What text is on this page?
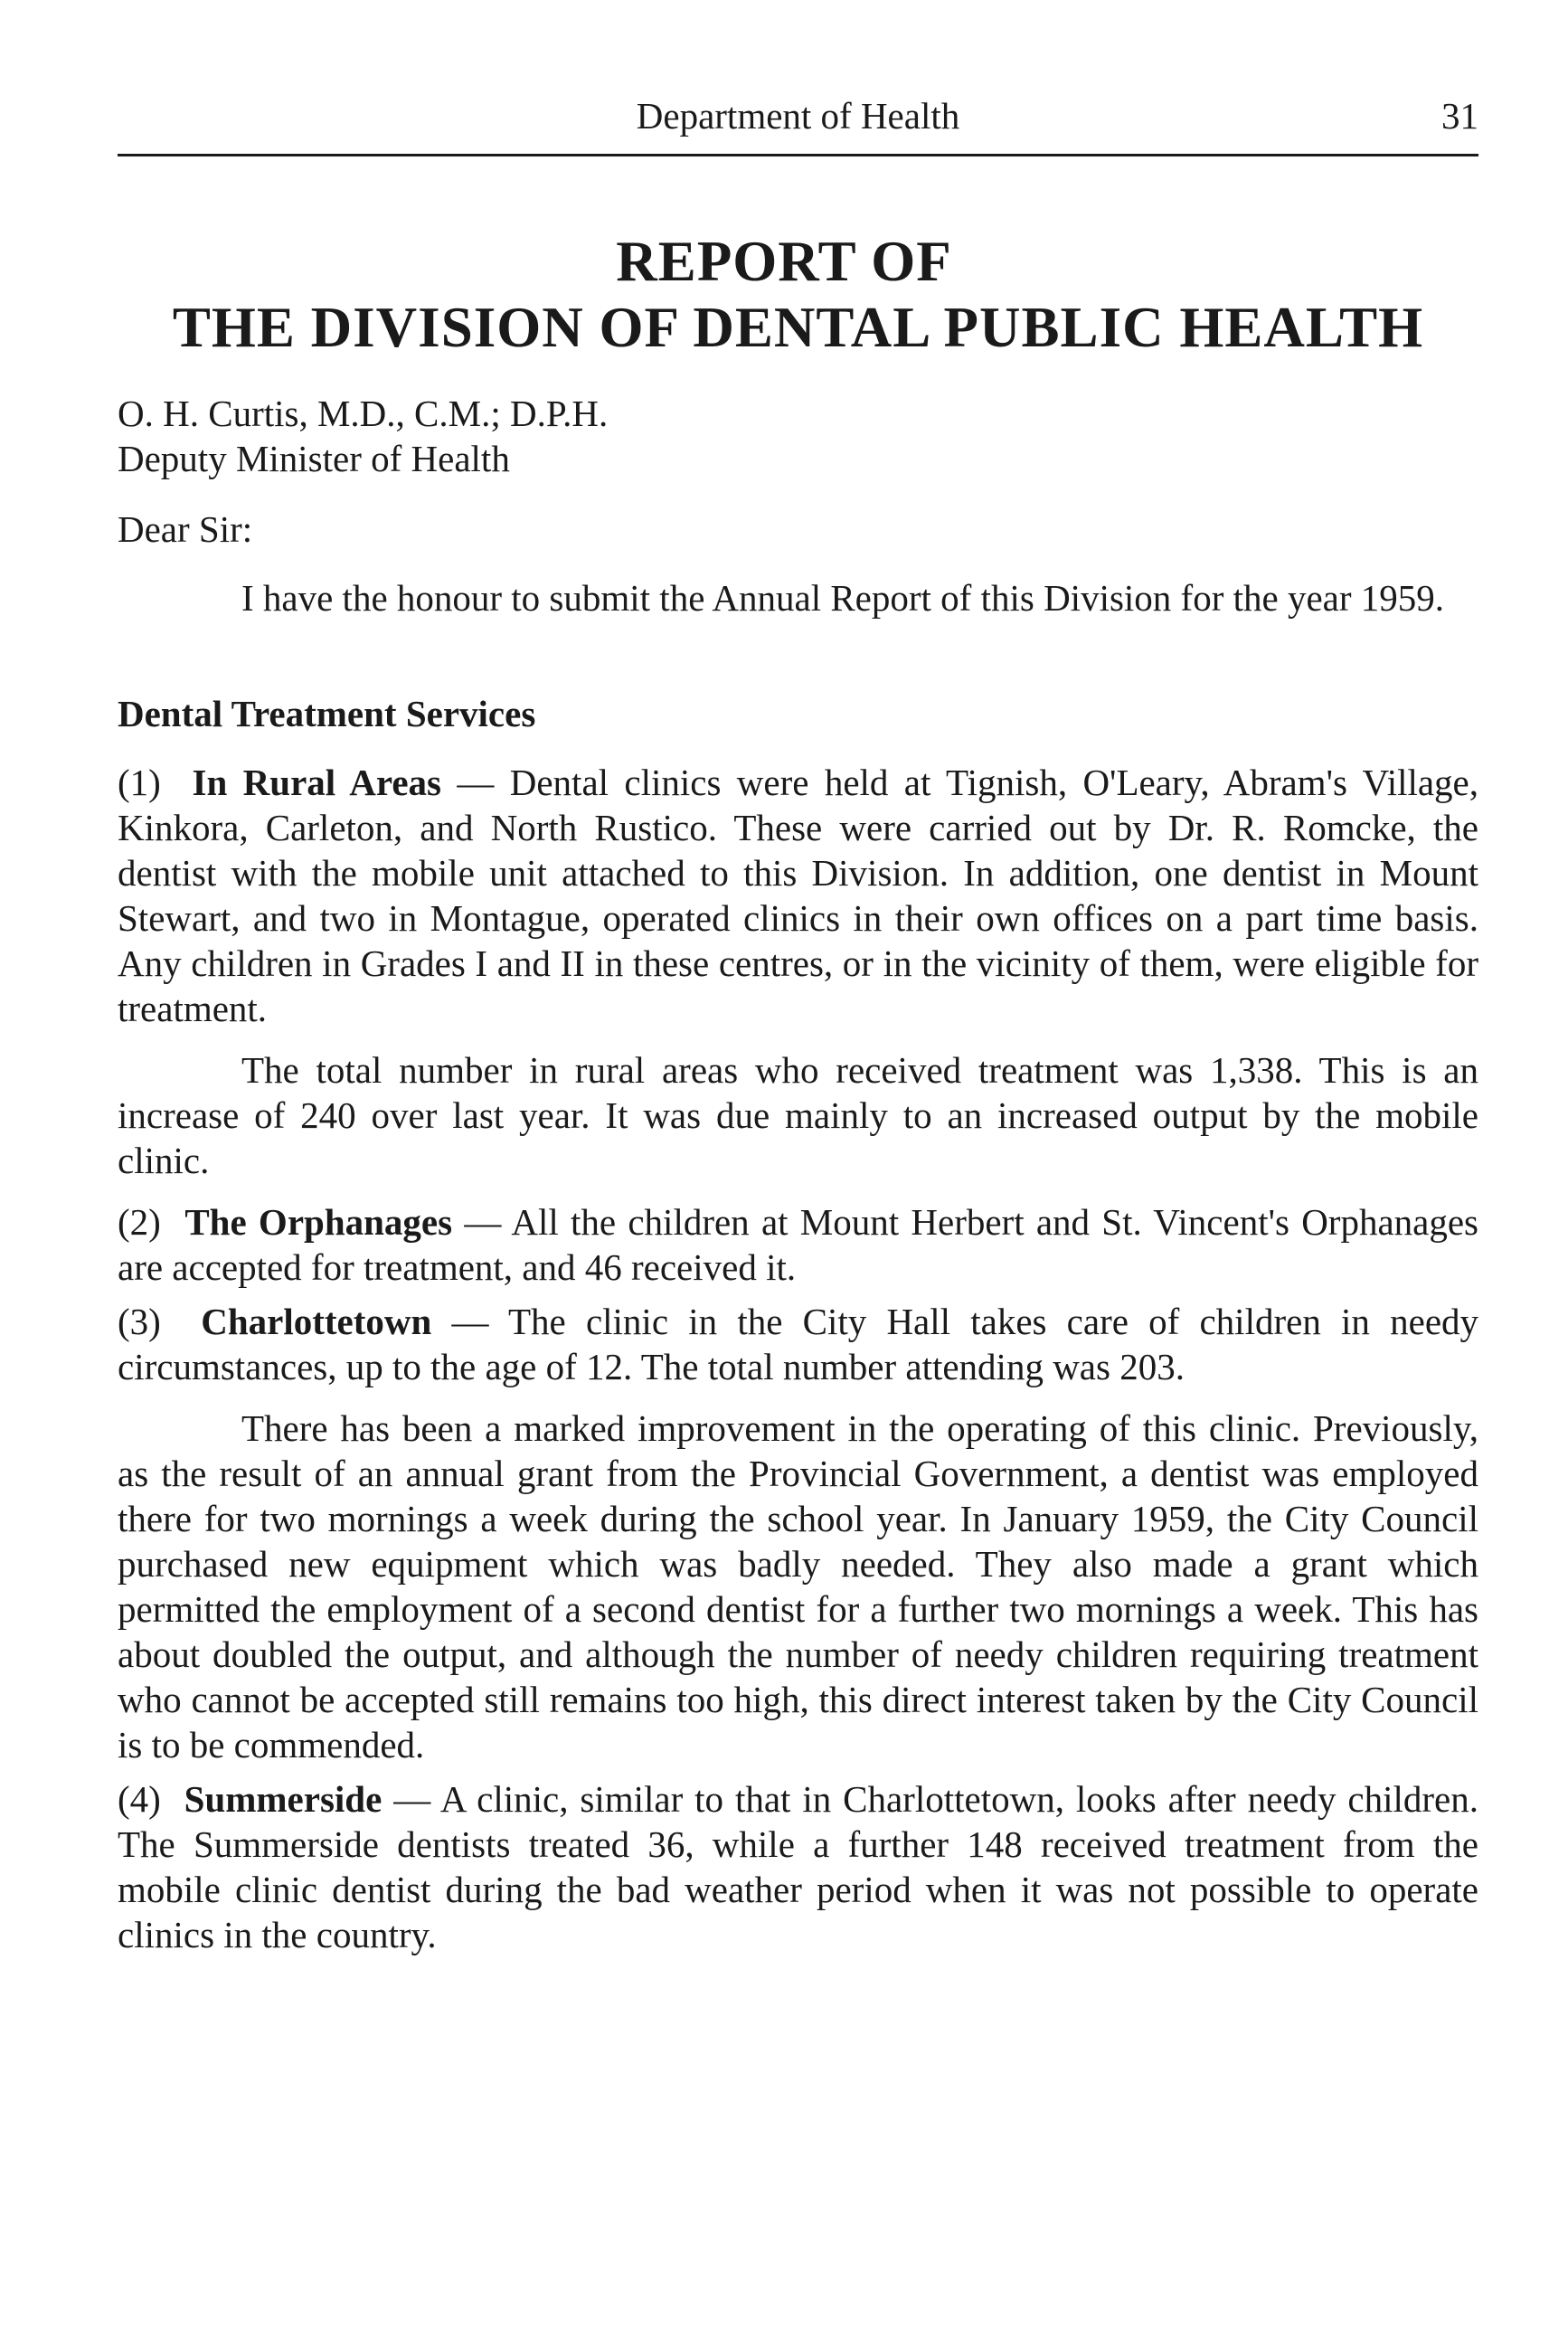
Department of Health	31
REPORT OF
THE DIVISION OF DENTAL PUBLIC HEALTH
O. H. Curtis, M.D., C.M.; D.P.H.
Deputy Minister of Health
Dear Sir:

I have the honour to submit the Annual Report of this Division for the year 1959.

Dental Treatment Services

(1) In Rural Areas — Dental clinics were held at Tignish, O'Leary, Abram's Village, Kinkora, Carleton, and North Rustico. These were carried out by Dr. R. Romcke, the dentist with the mobile unit attached to this Division. In addition, one dentist in Mount Stewart, and two in Montague, operated clinics in their own offices on a part time basis. Any children in Grades I and II in these centres, or in the vicinity of them, were eligible for treatment.

The total number in rural areas who received treatment was 1,338. This is an increase of 240 over last year. It was due mainly to an increased output by the mobile clinic.

(2) The Orphanages — All the children at Mount Herbert and St. Vincent's Orphanages are accepted for treatment, and 46 received it.

(3) Charlottetown — The clinic in the City Hall takes care of children in needy circumstances, up to the age of 12. The total number attending was 203.

There has been a marked improvement in the operating of this clinic. Previously, as the result of an annual grant from the Provincial Government, a dentist was employed there for two mornings a week during the school year. In January 1959, the City Council purchased new equipment which was badly needed. They also made a grant which permitted the employment of a second dentist for a further two mornings a week. This has about doubled the output, and although the number of needy children requiring treatment who cannot be accepted still remains too high, this direct interest taken by the City Council is to be commended.

(4) Summerside — A clinic, similar to that in Charlottetown, looks after needy children. The Summerside dentists treated 36, while a further 148 received treatment from the mobile clinic dentist during the bad weather period when it was not possible to operate clinics in the country.
